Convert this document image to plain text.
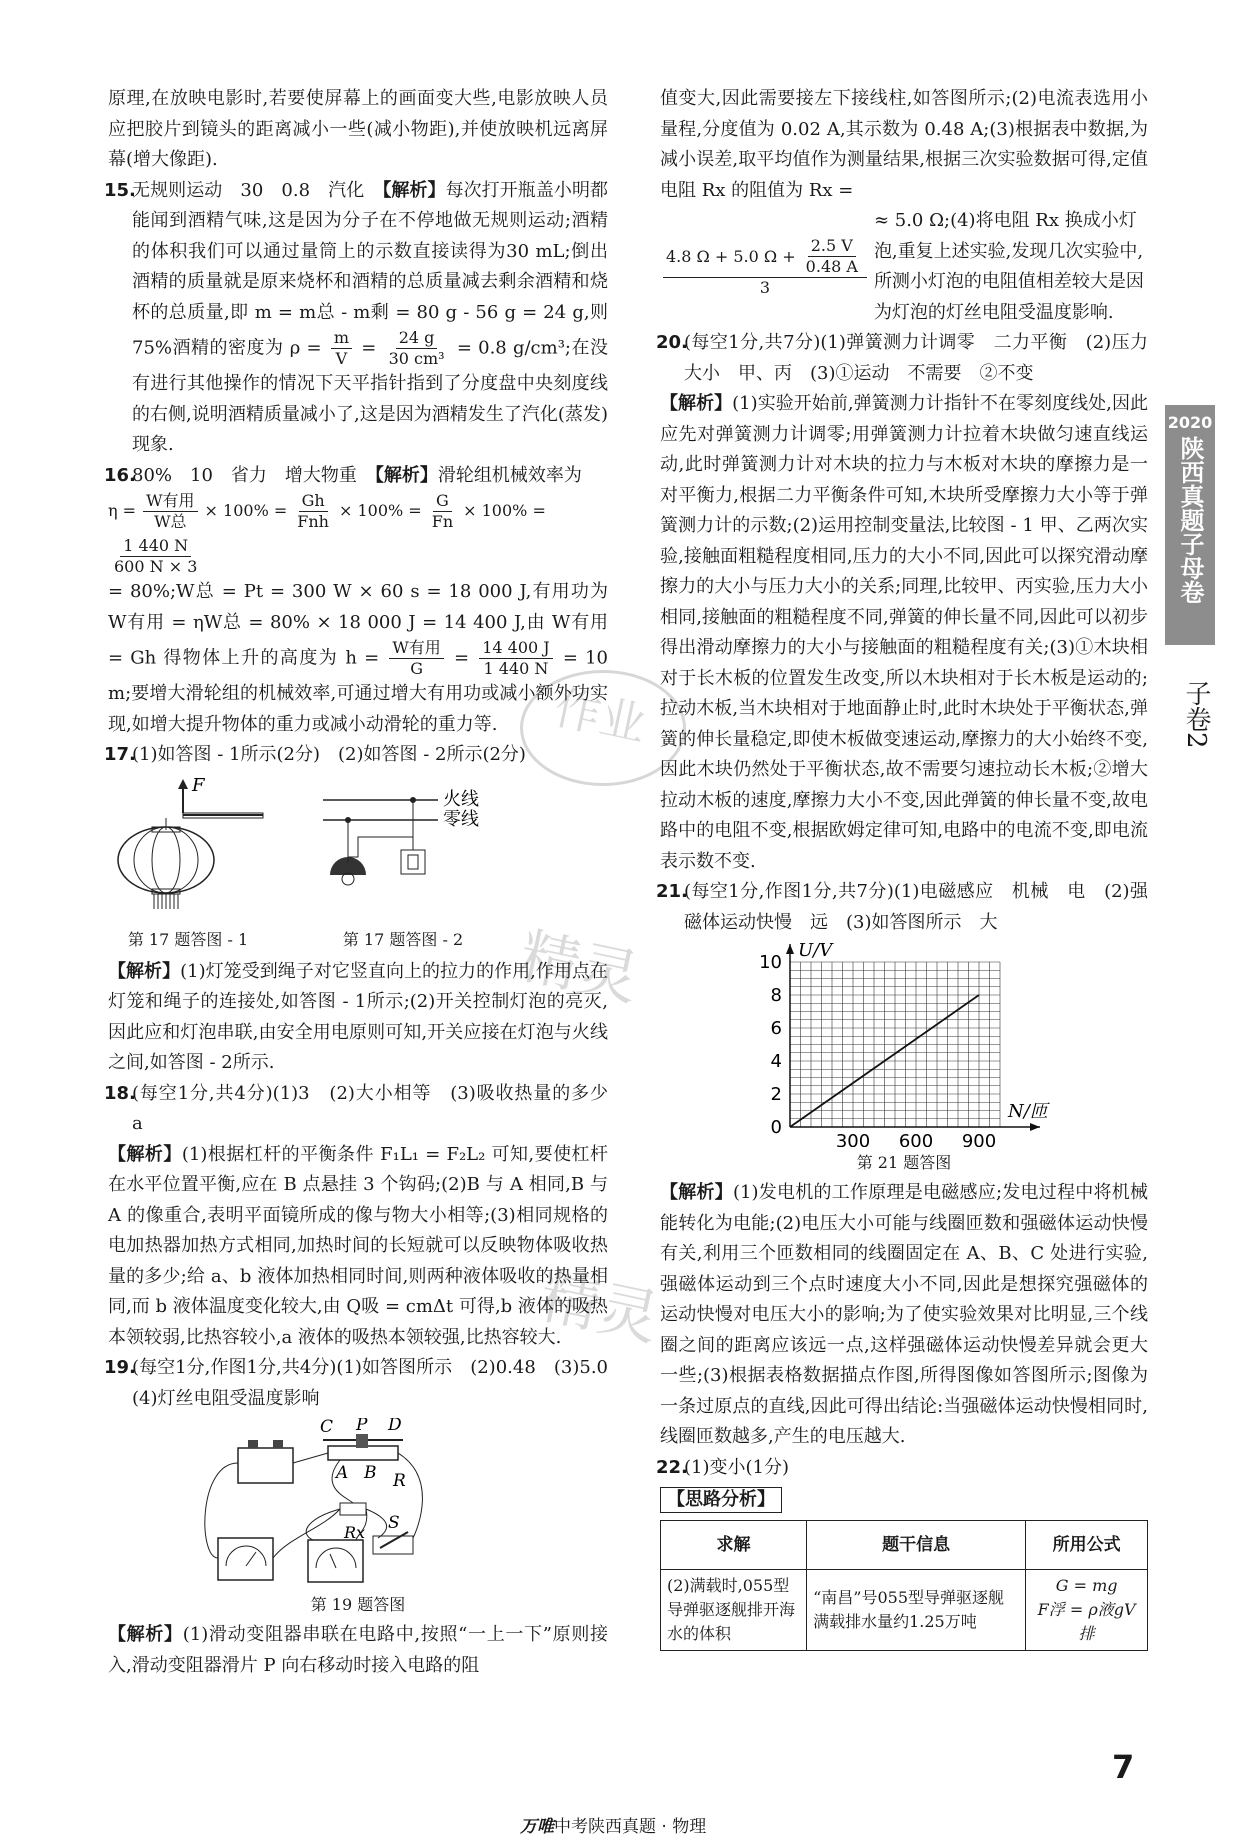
作业
精灵
精灵

原理,在放映电影时,若要使屏幕上的画面变大些,电影放映人员应把胶片到镜头的距离减小一些(减小物距),并使放映机远离屏幕(增大像距).

15.无规则运动　30　0.8　汽化　 【解析】每次打开瓶盖小明都能闻到酒精气味,这是因为分子在不停地做无规则运动;酒精的体积我们可以通过量筒上的示数直接读得为30 mL;倒出酒精的质量就是原来烧杯和酒精的总质量减去剩余酒精和烧杯的总质量,即 m = m总 - m剩 = 80 g - 56 g = 24 g,则75%酒精的密度为 $\rho = \frac{m}{V} = \frac{24 g}{\text{30 cm³}} = 0.8$ g/cm³;在没有进行其他操作的情况下天平指针指到了分度盘中央刻度线的右侧,说明酒精质量减小了,这是因为酒精发生了汽化(蒸发)现象.

16.80%　10　省力　增大物重　 【解析】滑轮组机械效率为

$\eta = \frac{\text{W有用}}{\text{W总}} \times 100\% = \frac{Gh}{\text{Fnh}} \times 100\% = \frac{G}{Fn} \times 100\%$ =
$\frac{1 440 N}{600 N \times 3}$

= 80%;W总 = Pt = 300 W × 60 s = 18 000 J,有用功为 W有用 = ηW总 = 80% × 18 000 J = 14 400 J,由 W有用 = Gh 得物体上升的高度为 $h = \frac{\text{W有用}}{G} = \frac{14 400 J}{1 440 N} = 10$ m;要增大滑轮组的机械效率,可通过增大有用功或减小额外功实现,如增大提升物体的重力或减小动滑轮的重力等.

17.(1)如答图 - 1所示(2分)　(2)如答图 - 2所示(2分)

F
火线
零线
第 17 题答图 - 1	第 17 题答图 - 2

【解析】(1)灯笼受到绳子对它竖直向上的拉力的作用,作用点在灯笼和绳子的连接处,如答图 - 1所示;(2)开关控制灯泡的亮灭,因此应和灯泡串联,由安全用电原则可知,开关应接在灯泡与火线之间,如答图 - 2所示.

18.(每空1分,共4分)(1)3　(2)大小相等　(3)吸收热量的多少　a

【解析】(1)根据杠杆的平衡条件 F₁L₁ = F₂L₂ 可知,要使杠杆在水平位置平衡,应在 B 点悬挂 3 个钩码;(2)B 与 A 相同,B 与 A 的像重合,表明平面镜所成的像与物大小相等;(3)相同规格的电加热器加热方式相同,加热时间的长短就可以反映物体吸收热量的多少;给 a、b 液体加热相同时间,则两种液体吸收的热量相同,而 b 液体温度变化较大,由 Q吸 = cmΔt 可得,b 液体的吸热本领较弱,比热容较小,a 液体的吸热本领较强,比热容较大.

19.(每空1分,作图1分,共4分)(1)如答图所示　(2)0.48　(3)5.0　(4)灯丝电阻受温度影响

C P D
A B R
Rx S
第 19 题答图

【解析】(1)滑动变阻器串联在电路中,按照“一上一下”原则接入,滑动变阻器滑片 P 向右移动时接入电路的阻

值变大,因此需要接左下接线柱,如答图所示;(2)电流表选用小量程,分度值为 0.02 A,其示数为 0.48 A;(3)根据表中数据,为减小误差,取平均值作为测量结果,根据三次实验数据可得,定值电阻 Rx 的阻值为 Rx =

$\frac{4.8 \Omega + 5.0 \Omega + \frac{2.5 V}{0.48 A}}{3}$
≈ 5.0 Ω;(4)将电阻 Rx 换成小灯泡,重复上述实验,发现几次实验中,所测小灯泡的电阻值相差较大是因为灯泡的灯丝电阻受温度影响.

20.(每空1分,共7分)(1)弹簧测力计调零　二力平衡　(2)压力大小　甲、丙　(3)①运动　不需要　②不变

【解析】(1)实验开始前,弹簧测力计指针不在零刻度线处,因此应先对弹簧测力计调零;用弹簧测力计拉着木块做匀速直线运动,此时弹簧测力计对木块的拉力与木板对木块的摩擦力是一对平衡力,根据二力平衡条件可知,木块所受摩擦力大小等于弹簧测力计的示数;(2)运用控制变量法,比较图 - 1 甲、乙两次实验,接触面粗糙程度相同,压力的大小不同,因此可以探究滑动摩擦力的大小与压力大小的关系;同理,比较甲、丙实验,压力大小相同,接触面的粗糙程度不同,弹簧的伸长量不同,因此可以初步得出滑动摩擦力的大小与接触面的粗糙程度有关;(3)①木块相对于长木板的位置发生改变,所以木块相对于长木板是运动的;拉动木板,当木块相对于地面静止时,此时木块处于平衡状态,弹簧的伸长量稳定,即使木板做变速运动,摩擦力的大小始终不变,因此木块仍然处于平衡状态,故不需要匀速拉动长木板;②增大拉动木板的速度,摩擦力大小不变,因此弹簧的伸长量不变,故电路中的电阻不变,根据欧姆定律可知,电路中的电流不变,即电流表示数不变.

21.(每空1分,作图1分,共7分)(1)电磁感应　机械　电　(2)强磁体运动快慢　远　(3)如答图所示　大

N/匝
U/V
300 600 900
0
2
4
6
8
10
第 21 题答图

【解析】(1)发电机的工作原理是电磁感应;发电过程中将机械能转化为电能;(2)电压大小可能与线圈匝数和强磁体运动快慢有关,利用三个匝数相同的线圈固定在 A、B、C 处进行实验,强磁体运动到三个点时速度大小不同,因此是想探究强磁体的运动快慢对电压大小的影响;为了使实验效果对比明显,三个线圈之间的距离应该远一点,这样强磁体运动快慢差异就会更大一些;(3)根据表格数据描点作图,所得图像如答图所示;图像为一条过原点的直线,因此可得出结论:当强磁体运动快慢相同时,线圈匝数越多,产生的电压越大.

22.(1)变小(1分)

【思路分析】
求解	题干信息	所用公式
(2)满载时,055型导弹驱逐舰排开海水的体积	“南昌”号055型导弹驱逐舰满载排水量约1.25万吨	G = mg
F浮 = ρ液gV排
2020
陕西真题子母卷
子卷2
7
万唯中考陕西真题 · 物理
